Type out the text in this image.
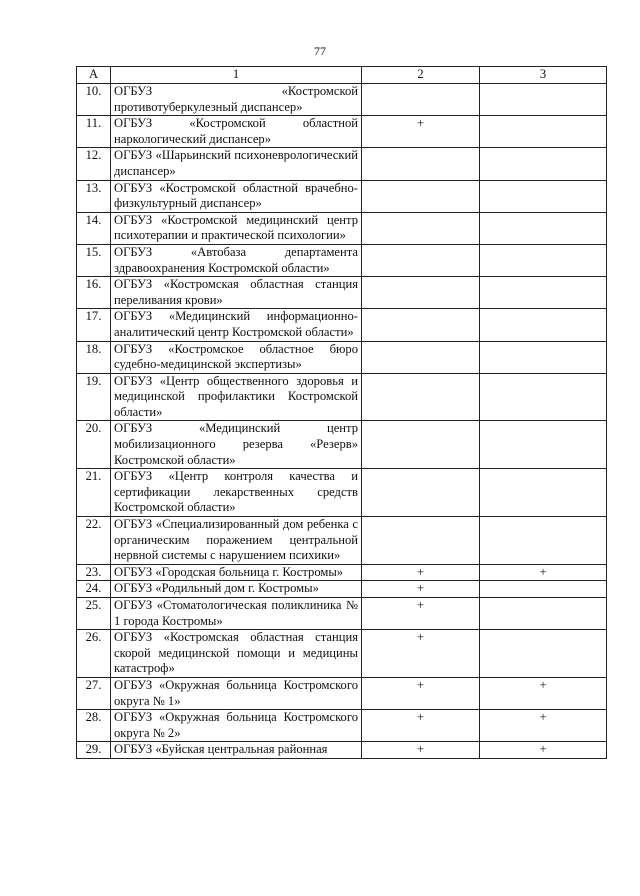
77
А	1	2	3
10.	ОГБУЗ «Костромской противотуберкулезный диспансер»		
11.	ОГБУЗ «Костромской областной наркологический диспансер»	+	
12.	ОГБУЗ «Шарьинский психоневрологический диспансер»		
13.	ОГБУЗ «Костромской областной врачебно-физкультурный диспансер»		
14.	ОГБУЗ «Костромской медицинский центр психотерапии и практической психологии»		
15.	ОГБУЗ «Автобаза департамента здравоохранения Костромской области»		
16.	ОГБУЗ «Костромская областная станция переливания крови»		
17.	ОГБУЗ «Медицинский информационно-аналитический центр Костромской области»		
18.	ОГБУЗ «Костромское областное бюро судебно-медицинской экспертизы»		
19.	ОГБУЗ «Центр общественного здоровья и медицинской профилактики Костромской области»		
20.	ОГБУЗ «Медицинский центр мобилизационного резерва «Резерв» Костромской области»		
21.	ОГБУЗ «Центр контроля качества и сертификации лекарственных средств Костромской области»		
22.	ОГБУЗ «Специализированный дом ребенка с органическим поражением центральной нервной системы с нарушением психики»		
23.	ОГБУЗ «Городская больница г. Костромы»	+	+
24.	ОГБУЗ «Родильный дом г. Костромы»	+	
25.	ОГБУЗ «Стоматологическая поликлиника № 1 города Костромы»	+	
26.	ОГБУЗ «Костромская областная станция скорой медицинской помощи и медицины катастроф»	+	
27.	ОГБУЗ «Окружная больница Костромского округа № 1»	+	+
28.	ОГБУЗ «Окружная больница Костромского округа № 2»	+	+
29.	ОГБУЗ «Буйская центральная районная	+	+
